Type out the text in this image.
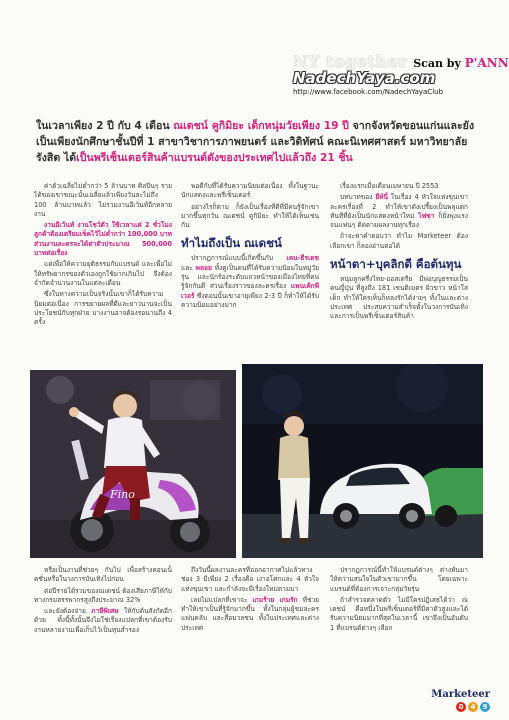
NY together Scan by P'ANN
NadechYaya.com
http://www.facebook.com/NadechYayaClub
ในเวลาเพียง 2 ปี กับ 4 เดือน ณเดชน์ คูกิมิยะ เด็กหนุ่มวัยเพียง 19 ปี จากจังหวัดขอนแก่นและยังเป็นเพียงนักศึกษาชั้นปีที่ 1 สาขาวิชาการภาพยนตร์ และวิดิทัศน์ คณะนิเทศศาสตร์ มหาวิทยาลัยรังสิต ได้เป็นพรีเซ็นเตอร์สินค้าแบรนด์ดังของประเทศไปแล้วถึง 21 ชิ้น

ค่าตัวเฉลี่ยไม่ต่ำกว่า 5 ล้านบาท ศิลปินๆ รายได้ของเขาขณะนั้นเฉลี่ยแล้วเพียงวันละไม่ถึง 100 ล้านบาทแล้ว ไม่รวมงานอีเว้นท์อีกหลายงาน

งานอีเว้นท์ งานโชว์ตัว ใช้เวลาแค่ 2 ชั่วโมง ลูกค้าต้องเตรียมเช็คไว้ไม่ต่ำกว่า 100,000 บาท ส่วนงานละครจะได้ค่าตัวประมาณ 500,000 บาทต่อเรื่อง

แต่เพื่อให้ความยุติธรรมกับแบรนด์ และเพื่อไม่ให้ทรัพยากรของตัวเองถูกใช้มากเกินไป จึงต้องจำกัดจำนวนงานในแต่ละเดือน

ซึ่งในทางความเป็นจริงนั้นเขาก็ได้รับความนิยมต่อเนื่อง การขยายผลที่ดีและยาวนานจะเป็นประโยชน์กับทุกฝ่าย บางงานอาจต้องรอนานถึง 4 ครั้ง

พอดีกับที่ได้รับความนิยมต่อเนื่อง ทั้งในฐานะนักแสดงและพรีเซ็นเตอร์

อย่างไรก็ตาม ก็ยังเป็นเรื่องที่ดีที่มีคนรู้จักเขามากขึ้นทุกวัน ณเดชน์ คูกิมิยะ ทำให้ได้เห็นเช่นกัน

ทำไมถึงเป็น ณเดชน์

ปรากฏการณ์แบบนี้เกิดขึ้นกับ เคน-ธีรเดช และ พลอย ทั้งคู่เป็นคนที่ได้รับความนิยมในหมู่วัยรุ่น และนักร้องระดับแถวหน้าของเมืองไทยที่คนรู้จักกันดี ส่วนเรื่องราวของละครเรื่อง แพนเค้กพีเวอร์ ซึ่งตอนนั้นเขาอายุเพียง 2-3 ปี ก็ทำให้ได้รับความนิยมอย่างมาก

เรื่องแรกเมื่อเดือนเมษายน ปี 2553

บทบาทของ ยีห์นี่ ในเรื่อง 4 หัวใจแห่งขุนเขา ละครเรื่องที่ 2 ทำให้เขาดังเปรี้ยงเป็นพลุแตก ทันทีที่ยังเป็นนักแสดงหน้าใหม่ ไฟซา ก็ยิ่งพุ่งแรงจนแฟนๆ ติดตามผลงานทุกเรื่อง

ถ้าจะหาคำตอบว่า ทำไม Marketeer ต้องเลือกเขา ก็ลองอ่านต่อได้

หน้าตา+บุคลิกดี คือต้นทุน

หนุ่มลูกครึ่งไทย-ออสเตรีย มีพ่อบุญธรรมเป็นคนญี่ปุ่น ที่สูงถึง 181 เซนติเมตร ผิวขาว หน้าใสเด็ก ทำให้ใครเห็นก็หลงรักได้ง่ายๆ ทั้งในและต่างประเทศ ประสบความสำเร็จทั้งในวงการบันเทิงและการเป็นพรีเซ็นเตอร์สินค้า

Fino

หรือเป็นงานที่ช่วยๆ กันไป เพื่อสร้างคอนเน็คชั่นหรือในวงการบันเทิงไปก่อน

ต่อปีรายได้รวมของณเดชน์ ต้องเสียภาษีให้กับทางกรมสรรพากรสูงถึงประมาณ 32%

และยังต้องจ่าย ภาษีพิเศษ ให้กับต้นสังกัดอีกด้วย ทั้งนี้ทั้งนั้นจึงไม่ใช่เรื่องแปลกที่เขาต้องรับงานหลายงานเพื่อเก็บไว้เป็นทุนสำรอง

ถึงวันนี้ผลงานละครที่ออกอากาศไปแล้วทางช่อง 3 มีเพียง 2 เรื่องคือ เงาอโศกและ 4 หัวใจแห่งขุนเขา และกำลังจะมีเรื่องใหม่ตามมา

เลยไม่แปลกที่เขาจะ เกมร้าย เกมรัก ที่ช่วยทำให้เขาเป็นที่รู้จักมากขึ้น ทั้งในกลุ่มผู้ชมละคร แฟนคลับ และสื่อมวลชน ทั้งในประเทศและต่างประเทศ

ปรากฏการณ์นี้ทำให้แบรนด์ต่างๆ ต่างหันมาให้ความสนใจในตัวเขามากขึ้น โดยเฉพาะแบรนด์ที่ต้องการเจาะกลุ่มวัยรุ่น

ถ้าสำรวจตลาดตัว ไม่มีใครปฏิเสธได้ว่า ณเดชน์ คือหนึ่งในพรีเซ็นเตอร์ที่มีค่าตัวสูงและได้รับความนิยมมากที่สุดในเวลานี้ เขาจึงเป็นอันดับ 1 ที่แบรนด์ต่างๆ เลือก

Marketeer
0	4	9
